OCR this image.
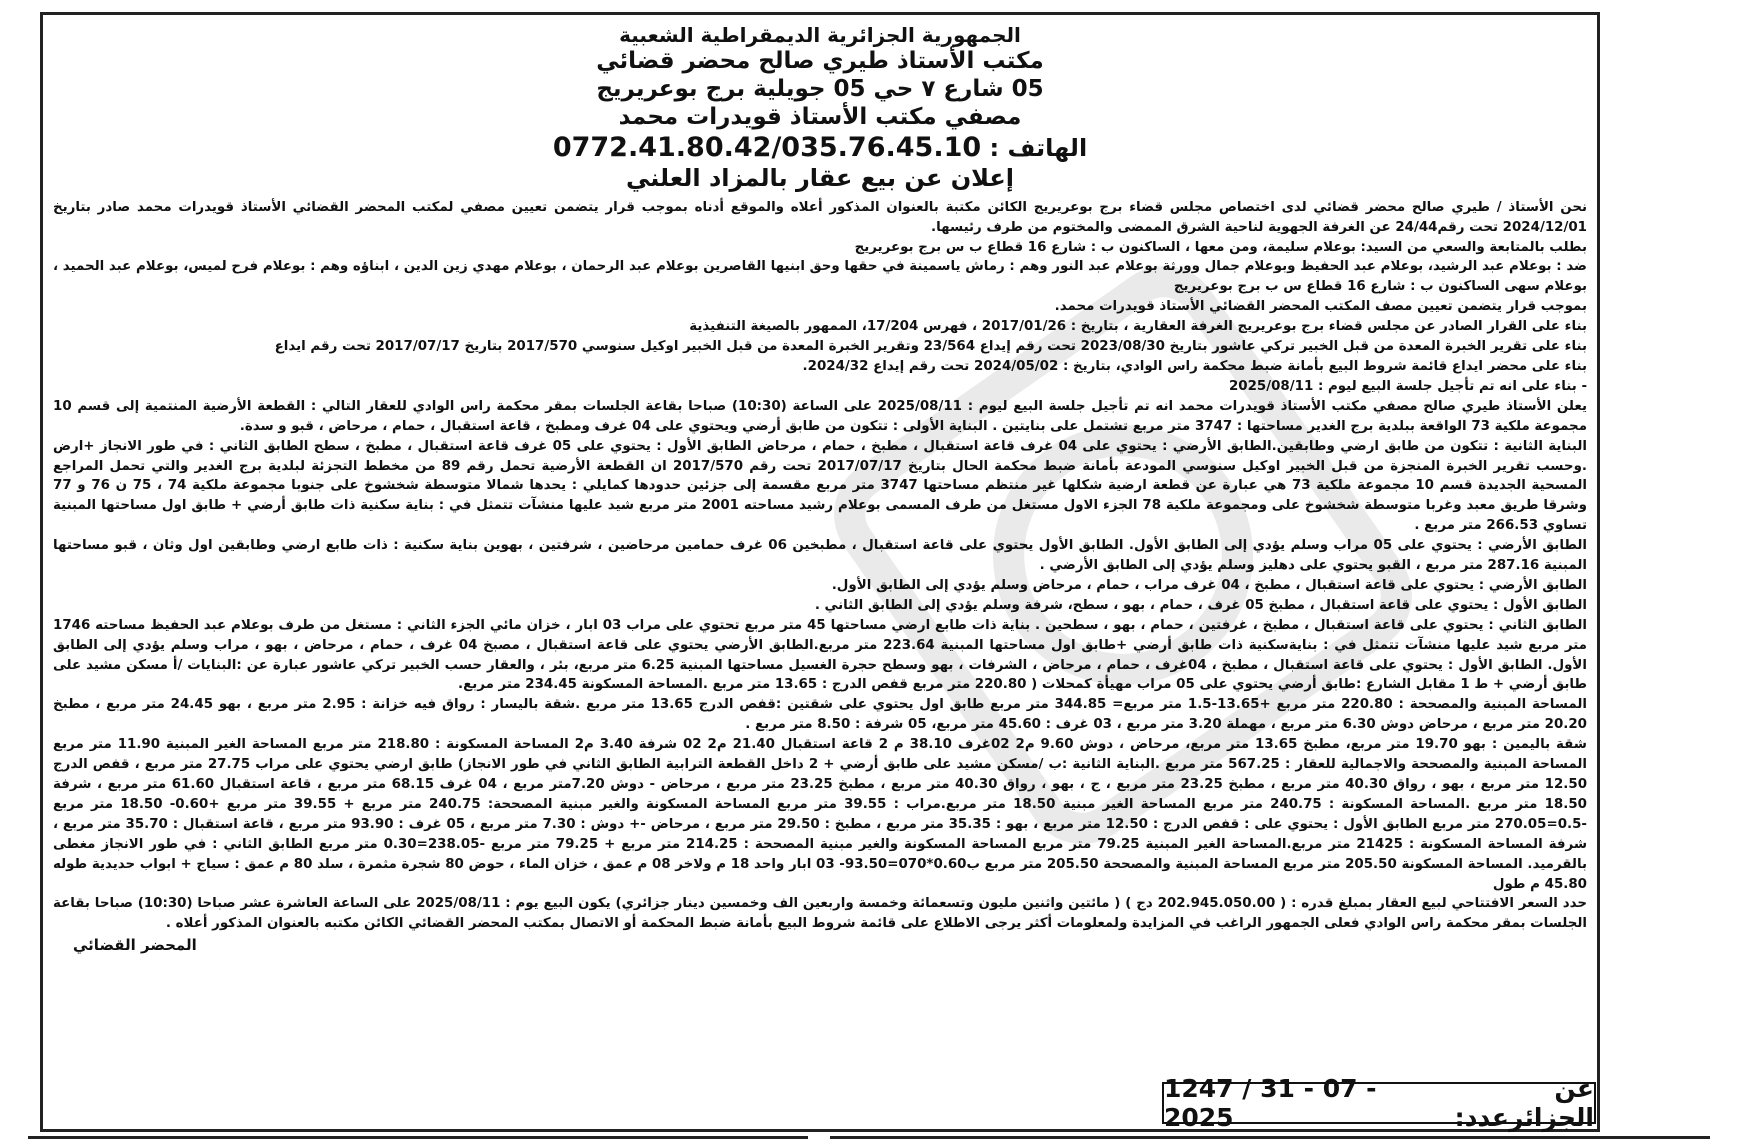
الجمهورية الجزائرية الديمقراطية الشعبية
مكتب الأستاذ طيري صالح محضر قضائي
05 شارع ٧ حي 05 جويلية برج بوعريريج
مصفي مكتب الأستاذ قويدرات محمد
الهاتف : 0772.41.80.42/035.76.45.10
إعلان عن بيع عقار بالمزاد العلني

نحن الأستاذ / طيري صالح محضر قضائي لدى اختصاص مجلس قضاء برج بوعريريج الكائن مكتبة بالعنوان المذكور أعلاه والموقع أدناه بموجب قرار يتضمن تعيين مصفي لمكتب المحضر القضائي الأستاذ قويدرات محمد صادر بتاريخ 2024/12/01 تحت رقم24/44 عن الغرفة الجهوية لناحية الشرق الممضى والمختوم من طرف رئيسها.

بطلب بالمتابعة والسعي من السيد: بوعلام سليمة، ومن معها ، الساكنون ب : شارع 16 قطاع ب س برج بوعريريج

ضد : بوعلام عبد الرشيد، بوعلام عبد الحفيظ وبوعلام جمال وورثة بوعلام عبد النور وهم : رماش ياسمينة في حقها وحق ابنيها القاصرين بوعلام عبد الرحمان ، بوعلام مهدي زين الدين ، ابناؤه وهم : بوعلام فرح لميس، بوعلام عبد الحميد ، بوعلام سهى الساكنون ب : شارع 16 قطاع س ب برج بوعريريج

بموجب قرار يتضمن تعيين مصف المكتب المحضر القضائي الأستاذ قويدرات محمد.

بناء على القرار الصادر عن مجلس قضاء برج بوعريريج الغرفة العقارية ، بتاريخ : 2017/01/26 ، فهرس 17/204، الممهور بالصيغة التنفيذية

بناء على تقرير الخبرة المعدة من قبل الخبير تركي عاشور بتاريخ 2023/08/30 تحت رقم إيداع 23/564 وتقرير الخبرة المعدة من قبل الخبير اوكيل سنوسي 2017/570 بتاريخ 2017/07/17 تحت رقم ايداع

بناء على محضر ايداع قائمة شروط البيع بأمانة ضبط محكمة راس الوادي، بتاريخ : 2024/05/02 تحت رقم إيداع 2024/32.

- بناء على انه تم تأجيل جلسة البيع ليوم : 2025/08/11

يعلن الأستاذ طيري صالح مصفي مكتب الأستاذ قويدرات محمد انه تم تأجيل جلسة البيع ليوم : 2025/08/11 على الساعة (10:30) صباحا بقاعة الجلسات بمقر محكمة راس الوادي للعقار التالي : القطعة الأرضية المنتمية إلى قسم 10 مجموعة ملكية 73 الواقعة ببلدية برج الغدير مساحتها : 3747 متر مربع تشتمل على بنايتين . البناية الأولى : تتكون من طابق أرضي ويحتوي على 04 غرف ومطبخ ، قاعة استقبال ، حمام ، مرحاض ، قبو و سدة.

البناية الثانية : تتكون من طابق ارضي وطابقين.الطابق الأرضي : يحتوي على 04 غرف قاعة استقبال ، مطبخ ، حمام ، مرحاض الطابق الأول : يحتوي على 05 غرف قاعة استقبال ، مطبخ ، سطح الطابق الثاني : في طور الانجاز +ارض .وحسب تقرير الخبرة المنجزة من قبل الخبير اوكيل سنوسي المودعة بأمانة ضبط محكمة الحال بتاريخ 2017/07/17 تحت رقم 2017/570 ان القطعة الأرضية تحمل رقم 89 من مخطط التجزئة لبلدية برج الغدير والتي تحمل المراجع المسحية الجديدة قسم 10 مجموعة ملكية 73 هي عبارة عن قطعة ارضية شكلها غير منتظم مساحتها 3747 متر مربع مقسمة إلى جزئين حدودها كمايلي : يحدها شمالا متوسطة شخشوخ على جنوبا مجموعة ملكية 74 ، 75 ن 76 و 77 وشرقا طريق معبد وغربا متوسطة شخشوخ على ومجموعة ملكية 78 الجزء الاول مستغل من طرف المسمى بوعلام رشيد مساحته 2001 متر مربع شيد عليها منشآت تتمثل في : بناية سكنية ذات طابق أرضي + طابق اول مساحتها المبنية تساوي 266.53 متر مربع .

الطابق الأرضي : يحتوي على 05 مراب وسلم يؤدي إلى الطابق الأول. الطابق الأول يحتوي على قاعة استقبال ، مطبخين 06 غرف حمامين مرحاضين ، شرفتين ، بهوين بناية سكنية : ذات طابع ارضي وطابقين اول وثان ، قبو مساحتها المبنية 287.16 متر مربع ، القبو يحتوي على دهليز وسلم يؤدي إلى الطابق الأرضي .

الطابق الأرضي : يحتوي على قاعة استقبال ، مطبخ ، 04 غرف مراب ، حمام ، مرحاض وسلم يؤدي إلى الطابق الأول.

الطابق الأول : يحتوي على قاعة استقبال ، مطبخ 05 غرف ، حمام ، بهو ، سطح، شرفة وسلم يؤدي إلى الطابق الثاني .

الطابق الثاني : يحتوي على قاعة استقبال ، مطبخ ، غرفتين ، حمام ، بهو ، سطحين . بناية ذات طابع ارضي مساحتها 45 متر مربع تحتوي على مراب 03 ابار ، خزان مائي الجزء الثاني : مستغل من طرف بوعلام عبد الحفيظ مساحته 1746 متر مربع شيد عليها منشآت تتمثل في : بنايةسكنية ذات طابق أرضي +طابق اول مساحتها المبنية 223.64 متر مربع.الطابق الأرضي يحتوي على قاعة استقبال ، مصبخ 04 غرف ، حمام ، مرحاض ، بهو ، مراب وسلم يؤدي إلى الطابق الأول. الطابق الأول : يحتوي على قاعة استقبال ، مطبخ ، 04غرف ، حمام ، مرحاض ، الشرفات ، بهو وسطح حجرة الغسيل مساحتها المبنية 6.25 متر مربع، بئر ، والعقار حسب الخبير تركي عاشور عبارة عن :البنايات /أ مسكن مشيد على طابق أرضي + ط 1 مقابل الشارع :طابق أرضي يحتوي على 05 مراب مهيأة كمحلات ( 220.80 متر مربع قفص الدرج : 13.65 متر مربع .المساحة المسكونة 234.45 متر مربع.

المساحة المبنية والمصححة : 220.80 متر مربع +13.65-1.5 متر مربع= 344.85 متر مربع طابق اول يحتوي على شقتين :قفص الدرج 13.65 متر مربع .شقة باليسار : رواق فيه خزانة : 2.95 متر مربع ، بهو 24.45 متر مربع ، مطبخ 20.20 متر مربع ، مرحاض دوش 6.30 متر مربع ، مهملة 3.20 متر مربع ، 03 غرف : 45.60 متر مربع، 05 شرفة : 8.50 متر مربع .

شقة باليمين : بهو 19.70 متر مربع، مطبخ 13.65 متر مربع، مرحاض ، دوش 9.60 م2 02غرف 38.10 م 2 قاعة استقبال 21.40 م2 02 شرفة 3.40 م2 المساحة المسكونة : 218.80 متر مربع المساحة الغير المبنية 11.90 متر مربع المساحة المبنية والمصححة والاجمالية للعقار : 567.25 متر مربع .البناية الثانية :ب /مسكن مشيد على طابق أرضي + 2 داخل القطعة الترابية الطابق الثاني في طور الانجاز) طابق ارضي يحتوي على مراب 27.75 متر مربع ، قفص الدرج 12.50 متر مربع ، بهو ، رواق 40.30 متر مربع ، مطبخ 23.25 متر مربع ، ج ، بهو ، رواق 40.30 متر مربع ، مطبخ 23.25 متر مربع ، مرحاض - دوش 7.20متر مربع ، 04 غرف 68.15 متر مربع ، قاعة استقبال 61.60 متر مربع ، شرفة 18.50 متر مربع .المساحة المسكونة : 240.75 متر مربع المساحة الغير مبنية 18.50 متر مربع.مراب : 39.55 متر مربع المساحة المسكونة والغير مبنية المصححة: 240.75 متر مربع + 39.55 متر مربع +0.60- 18.50 متر مربع -0.5=270.05 متر مربع الطابق الأول : يحتوي على : قفص الدرج : 12.50 متر مربع ، بهو : 35.35 متر مربع ، مطبخ : 29.50 متر مربع ، مرحاض -+ دوش : 7.30 متر مربع ، 05 غرف : 93.90 متر مربع ، قاعة استقبال : 35.70 متر مربع ، شرفة المساحة المسكونة : 21425 متر مربع.المساحة الغير المبنية 79.25 متر مربع المساحة المسكونة والغير مبنية المصححة : 214.25 متر مربع + 79.25 متر مربع -238.05=0.30 متر مربع الطابق الثاني : في طور الانجاز مغطى بالقرميد. المساحة المسكونة 205.50 متر مربع المساحة المبنية والمصححة 205.50 متر مربع ب0.60*070=93.50- 03 ابار واحد 18 م ولاخر 08 م عمق ، خزان الماء ، حوض 80 شجرة مثمرة ، سلد 80 م عمق : سياج + ابواب حديدية طوله 45.80 م طول

حدد السعر الافتتاحي لبيع العقار بمبلغ قدره : ( 202.945.050.00 دج ) ( مائتين واثنين مليون وتسعمائة وخمسة واربعين الف وخمسين دينار جزائري) يكون البيع يوم : 2025/08/11 على الساعة العاشرة عشر صباحا (10:30) صباحا بقاعة الجلسات بمقر محكمة راس الوادي فعلى الجمهور الراغب في المزايدة ولمعلومات أكثر يرجى الاطلاع على قائمة شروط البيع بأمانة ضبط المحكمة أو الاتصال بمكتب المحضر القضائي الكائن مكتبه بالعنوان المذكور أعلاه .

المحضر القضائي
عن الجزائرعدد:
1247 / 31 - 07 - 2025
